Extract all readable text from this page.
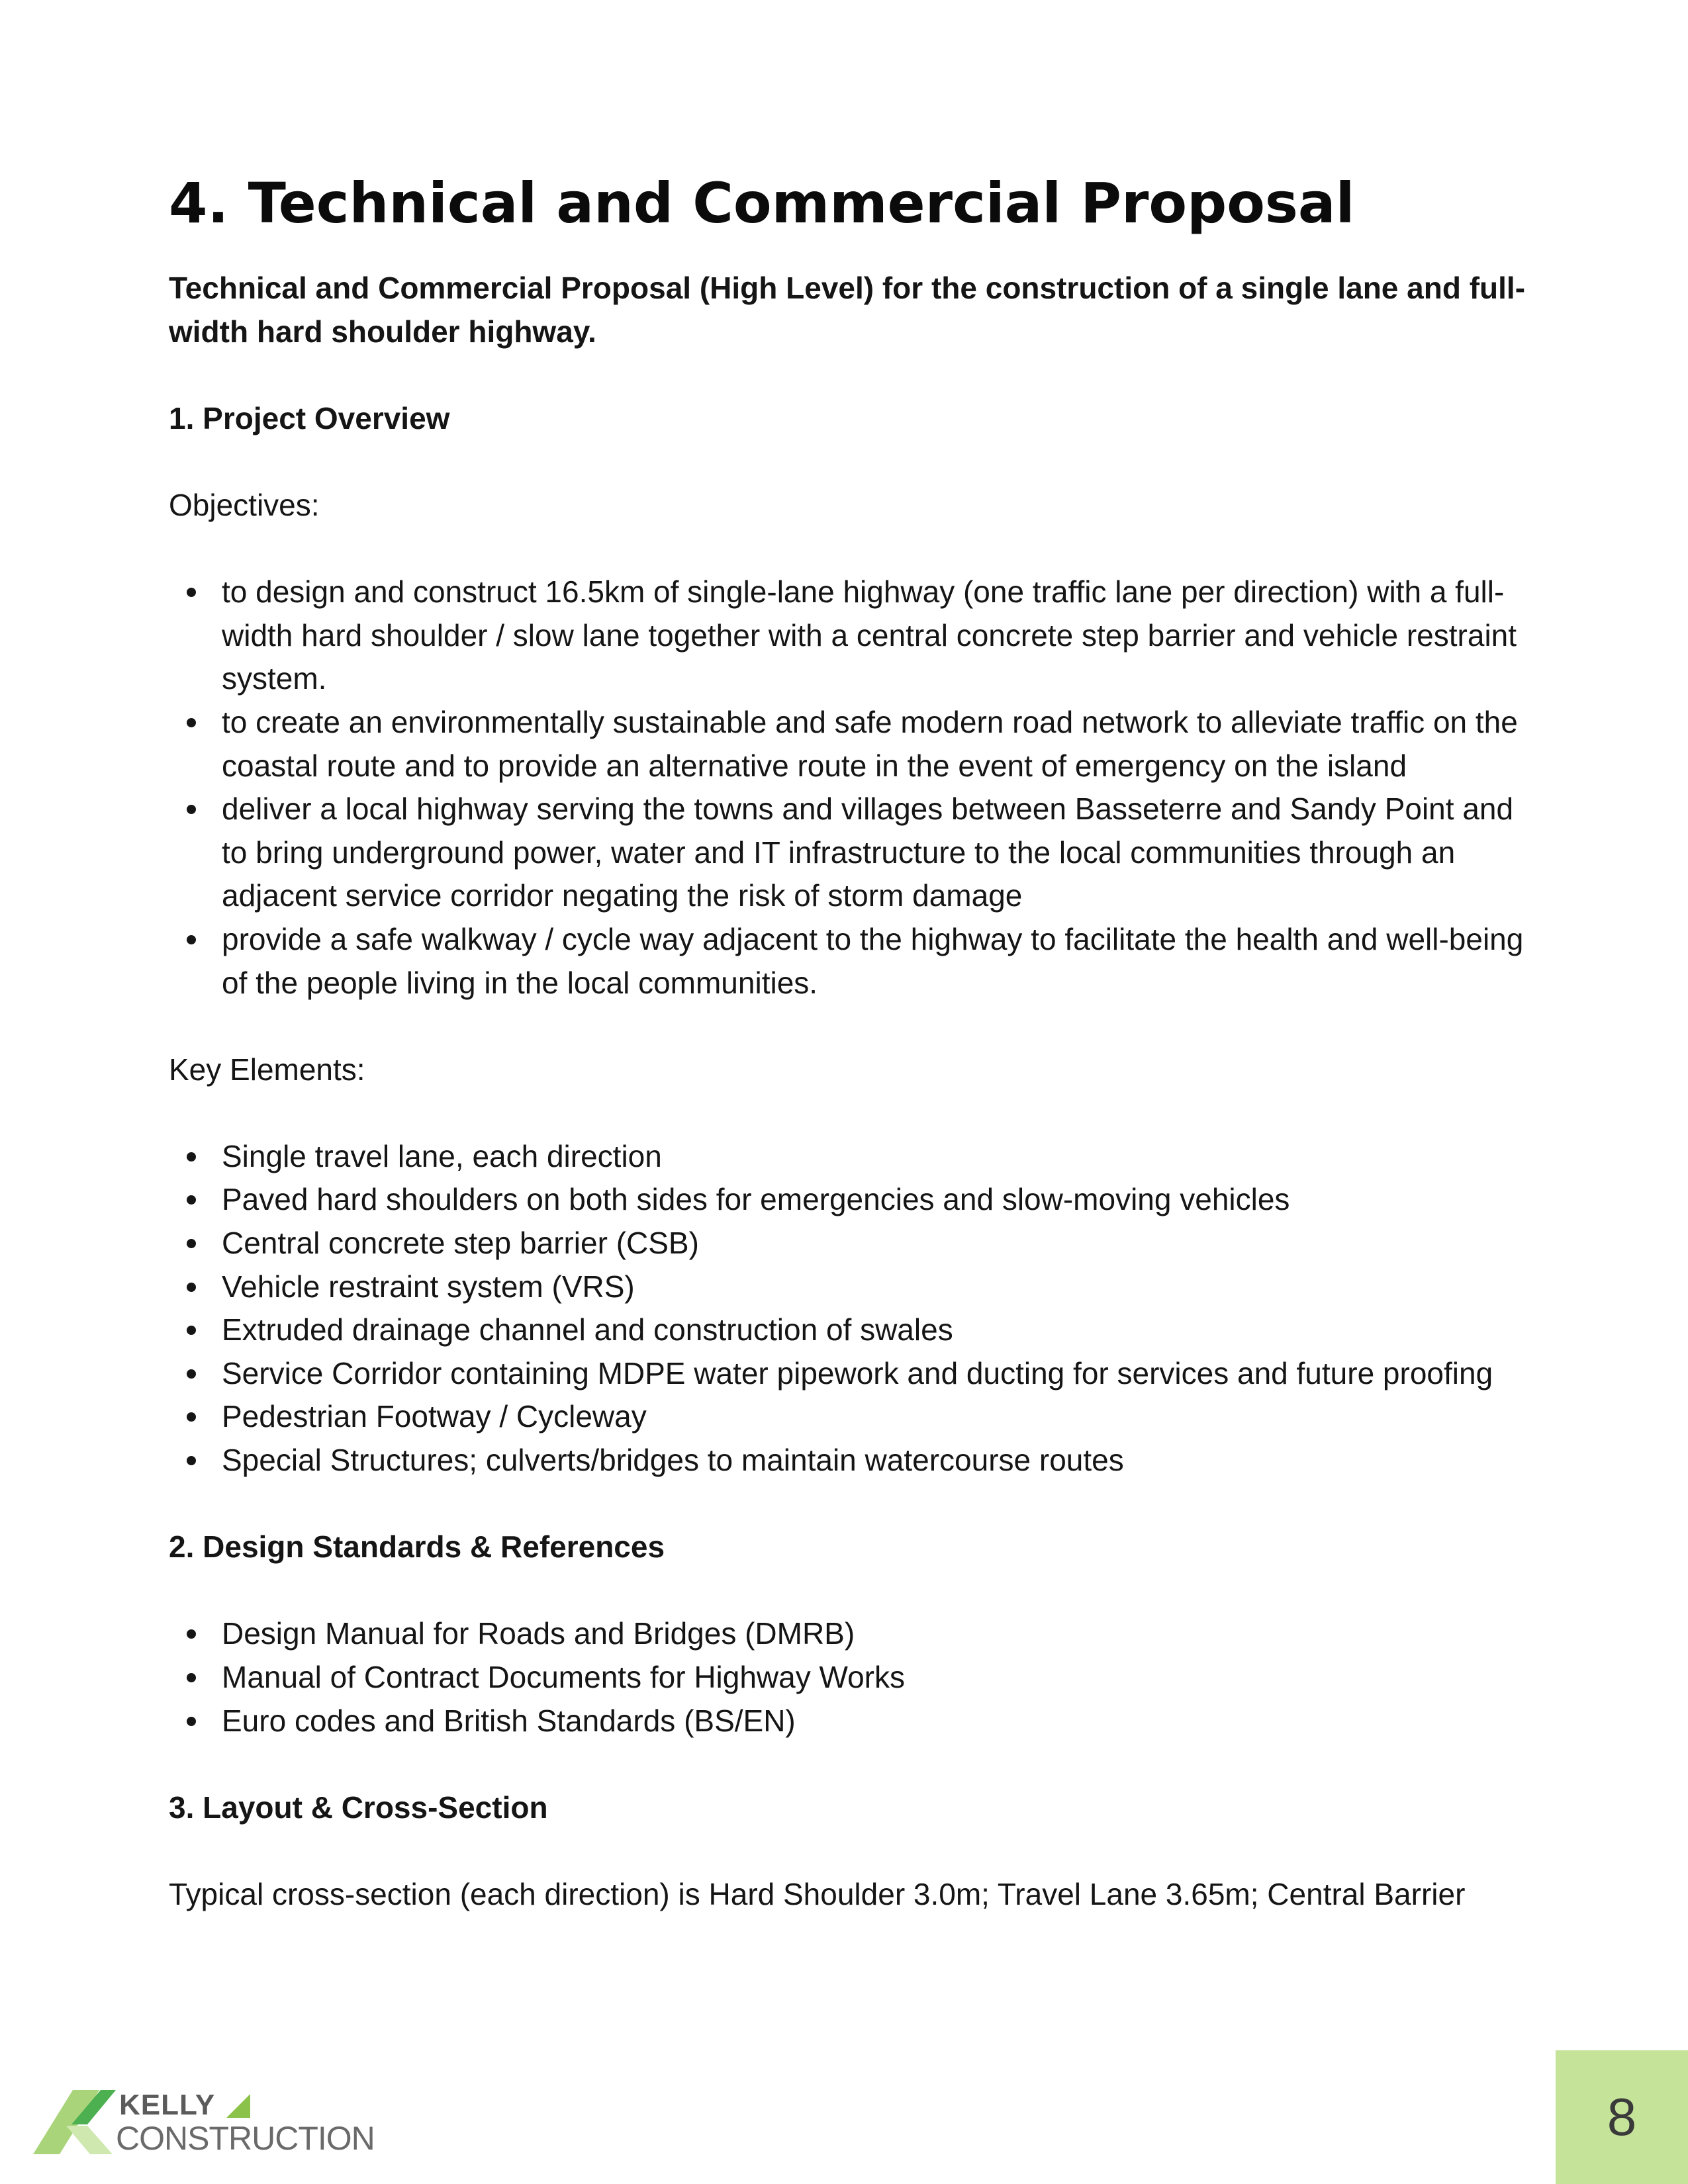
4. Technical and Commercial Proposal

Technical and Commercial Proposal (High Level) for the construction of a single lane and full-width hard shoulder highway.

1. Project Overview

Objectives:

to design and construct 16.5km of single-lane highway (one traffic lane per direction) with a full-width hard shoulder / slow lane together with a central concrete step barrier and vehicle restraint system.
to create an environmentally sustainable and safe modern road network to alleviate traffic on the coastal route and to provide an alternative route in the event of emergency on the island
deliver a local highway serving the towns and villages between Basseterre and Sandy Point and to bring underground power, water and IT infrastructure to the local communities through an adjacent service corridor negating the risk of storm damage
provide a safe walkway / cycle way adjacent to the highway to facilitate the health and well-being of the people living in the local communities.

Key Elements:

Single travel lane, each direction
Paved hard shoulders on both sides for emergencies and slow-moving vehicles
Central concrete step barrier (CSB)
Vehicle restraint system (VRS)
Extruded drainage channel and construction of swales
Service Corridor containing MDPE water pipework and ducting for services and future proofing
Pedestrian Footway / Cycleway
Special Structures; culverts/bridges to maintain watercourse routes

2. Design Standards & References

Design Manual for Roads and Bridges (DMRB)
Manual of Contract Documents for Highway Works
Euro codes and British Standards (BS/EN)

3. Layout & Cross-Section

Typical cross-section (each direction) is Hard Shoulder 3.0m; Travel Lane 3.65m; Central Barrier

KELLY
CONSTRUCTION	8
